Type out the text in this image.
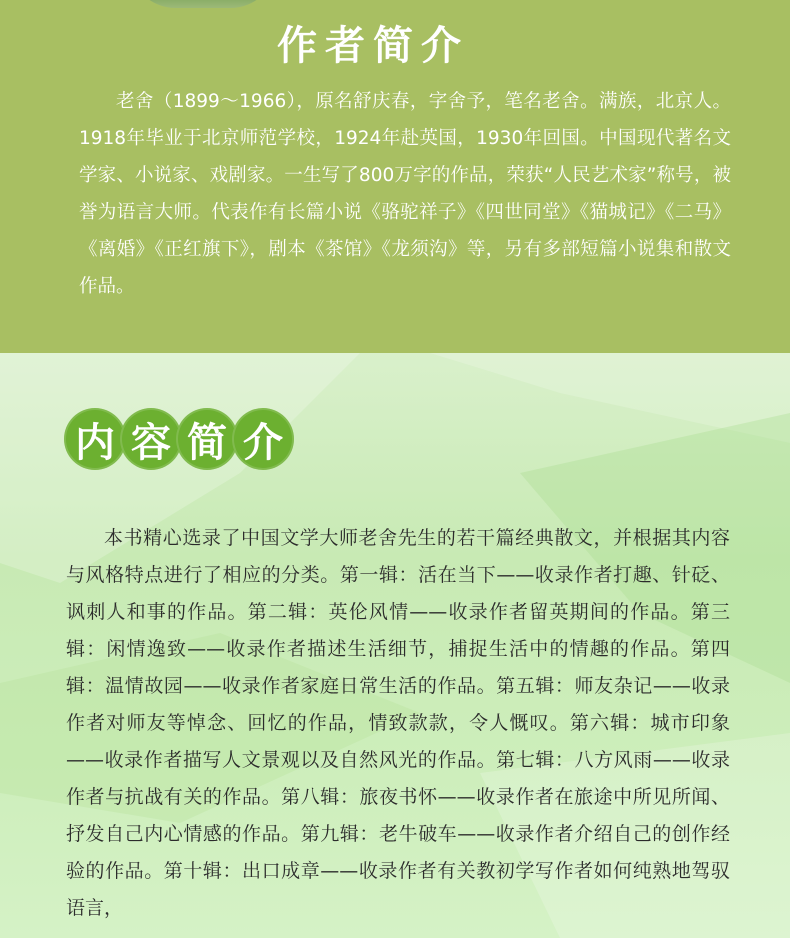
作者简介

老舍（1899～1966），原名舒庆春，字舍予，笔名老舍。满族，北京人。1918年毕业于北京师范学校，1924年赴英国，1930年回国。中国现代著名文学家、小说家、戏剧家。一生写了800万字的作品，荣获“人民艺术家”称号，被誉为语言大师。代表作有长篇小说《骆驼祥子》《四世同堂》《猫城记》《二马》《离婚》《正红旗下》，剧本《茶馆》《龙须沟》等，另有多部短篇小说集和散文作品。

内 容 简 介

本书精心选录了中国文学大师老舍先生的若干篇经典散文，并根据其内容与风格特点进行了相应的分类。第一辑：活在当下——收录作者打趣、针砭、讽刺人和事的作品。第二辑：英伦风情——收录作者留英期间的作品。第三辑：闲情逸致——收录作者描述生活细节，捕捉生活中的情趣的作品。第四辑：温情故园——收录作者家庭日常生活的作品。第五辑：师友杂记——收录作者对师友等悼念、回忆的作品，情致款款，令人慨叹。第六辑：城市印象——收录作者描写人文景观以及自然风光的作品。第七辑：八方风雨——收录作者与抗战有关的作品。第八辑：旅夜书怀——收录作者在旅途中所见所闻、抒发自己内心情感的作品。第九辑：老牛破车——收录作者介绍自己的创作经验的作品。第十辑：出口成章——收录作者有关教初学写作者如何纯熟地驾驭语言，
